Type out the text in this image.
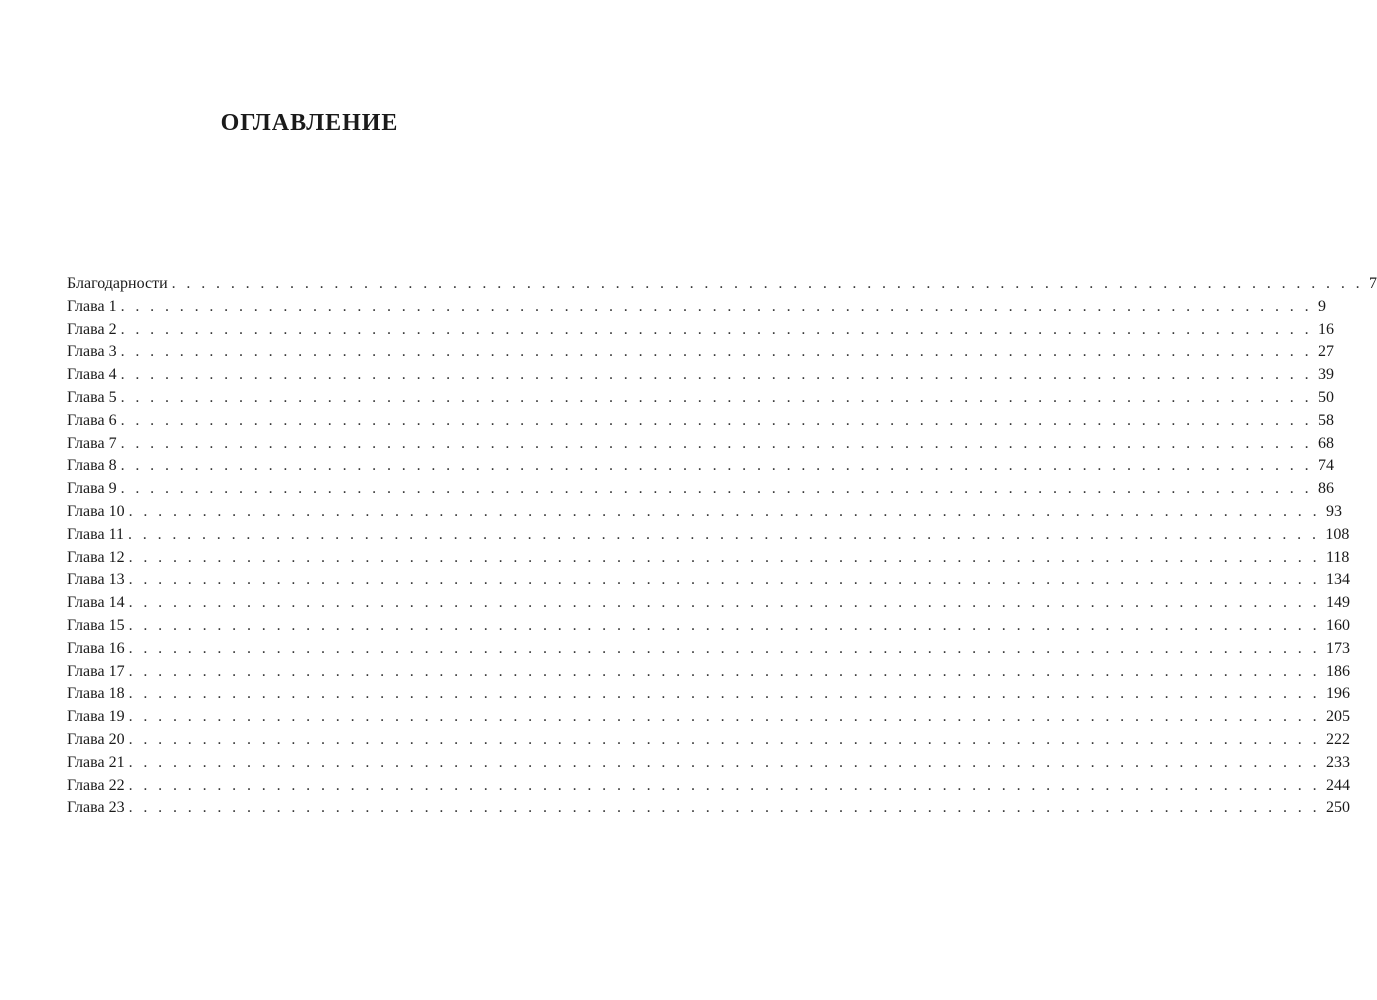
ОГЛАВЛЕНИЕ
Благодарности . . . . . . . . . . . . . . . . . . . . . . . . . . . . . . . . . . . . . . . . . . . . . . . . . . . . . . . . . . . . . . . . . . . . . . . . . . . . . . . . . 7
Глава 1 . . . . . . . . . . . . . . . . . . . . . . . . . . . . . . . . . . . . . . . . . . . . . . . . . . . . . . . . . . . . . . . . . . . . . . . . . . . . . . . . . 9
Глава 2 . . . . . . . . . . . . . . . . . . . . . . . . . . . . . . . . . . . . . . . . . . . . . . . . . . . . . . . . . . . . . . . . . . . . . . . . . . . . . . . . . 16
Глава 3 . . . . . . . . . . . . . . . . . . . . . . . . . . . . . . . . . . . . . . . . . . . . . . . . . . . . . . . . . . . . . . . . . . . . . . . . . . . . . . . . . 27
Глава 4 . . . . . . . . . . . . . . . . . . . . . . . . . . . . . . . . . . . . . . . . . . . . . . . . . . . . . . . . . . . . . . . . . . . . . . . . . . . . . . . . . 39
Глава 5 . . . . . . . . . . . . . . . . . . . . . . . . . . . . . . . . . . . . . . . . . . . . . . . . . . . . . . . . . . . . . . . . . . . . . . . . . . . . . . . . . 50
Глава 6 . . . . . . . . . . . . . . . . . . . . . . . . . . . . . . . . . . . . . . . . . . . . . . . . . . . . . . . . . . . . . . . . . . . . . . . . . . . . . . . . . 58
Глава 7 . . . . . . . . . . . . . . . . . . . . . . . . . . . . . . . . . . . . . . . . . . . . . . . . . . . . . . . . . . . . . . . . . . . . . . . . . . . . . . . . . 68
Глава 8 . . . . . . . . . . . . . . . . . . . . . . . . . . . . . . . . . . . . . . . . . . . . . . . . . . . . . . . . . . . . . . . . . . . . . . . . . . . . . . . . . 74
Глава 9 . . . . . . . . . . . . . . . . . . . . . . . . . . . . . . . . . . . . . . . . . . . . . . . . . . . . . . . . . . . . . . . . . . . . . . . . . . . . . . . . . 86
Глава 10 . . . . . . . . . . . . . . . . . . . . . . . . . . . . . . . . . . . . . . . . . . . . . . . . . . . . . . . . . . . . . . . . . . . . . . . . . . . . . . . . . 93
Глава 11 . . . . . . . . . . . . . . . . . . . . . . . . . . . . . . . . . . . . . . . . . . . . . . . . . . . . . . . . . . . . . . . . . . . . . . . . . . . . . . . . . 108
Глава 12 . . . . . . . . . . . . . . . . . . . . . . . . . . . . . . . . . . . . . . . . . . . . . . . . . . . . . . . . . . . . . . . . . . . . . . . . . . . . . . . . . 118
Глава 13 . . . . . . . . . . . . . . . . . . . . . . . . . . . . . . . . . . . . . . . . . . . . . . . . . . . . . . . . . . . . . . . . . . . . . . . . . . . . . . . . . 134
Глава 14 . . . . . . . . . . . . . . . . . . . . . . . . . . . . . . . . . . . . . . . . . . . . . . . . . . . . . . . . . . . . . . . . . . . . . . . . . . . . . . . . . 149
Глава 15 . . . . . . . . . . . . . . . . . . . . . . . . . . . . . . . . . . . . . . . . . . . . . . . . . . . . . . . . . . . . . . . . . . . . . . . . . . . . . . . . . 160
Глава 16 . . . . . . . . . . . . . . . . . . . . . . . . . . . . . . . . . . . . . . . . . . . . . . . . . . . . . . . . . . . . . . . . . . . . . . . . . . . . . . . . . 173
Глава 17 . . . . . . . . . . . . . . . . . . . . . . . . . . . . . . . . . . . . . . . . . . . . . . . . . . . . . . . . . . . . . . . . . . . . . . . . . . . . . . . . . 186
Глава 18 . . . . . . . . . . . . . . . . . . . . . . . . . . . . . . . . . . . . . . . . . . . . . . . . . . . . . . . . . . . . . . . . . . . . . . . . . . . . . . . . . 196
Глава 19 . . . . . . . . . . . . . . . . . . . . . . . . . . . . . . . . . . . . . . . . . . . . . . . . . . . . . . . . . . . . . . . . . . . . . . . . . . . . . . . . . 205
Глава 20 . . . . . . . . . . . . . . . . . . . . . . . . . . . . . . . . . . . . . . . . . . . . . . . . . . . . . . . . . . . . . . . . . . . . . . . . . . . . . . . . . 222
Глава 21 . . . . . . . . . . . . . . . . . . . . . . . . . . . . . . . . . . . . . . . . . . . . . . . . . . . . . . . . . . . . . . . . . . . . . . . . . . . . . . . . . 233
Глава 22 . . . . . . . . . . . . . . . . . . . . . . . . . . . . . . . . . . . . . . . . . . . . . . . . . . . . . . . . . . . . . . . . . . . . . . . . . . . . . . . . . 244
Глава 23 . . . . . . . . . . . . . . . . . . . . . . . . . . . . . . . . . . . . . . . . . . . . . . . . . . . . . . . . . . . . . . . . . . . . . . . . . . . . . . . . . 250
